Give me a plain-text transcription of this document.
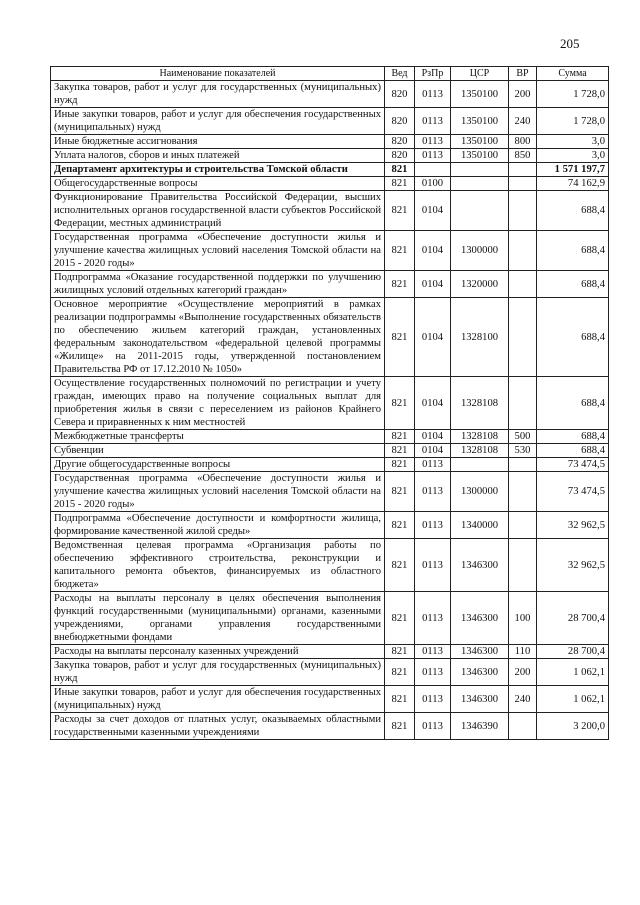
205
Наименование показателей	Вед	РзПр	ЦСР	ВР	Сумма
Закупка товаров, работ и услуг для государственных (муниципальных) нужд	820	0113	1350100	200	1 728,0
Иные закупки товаров, работ и услуг для обеспечения государственных (муниципальных) нужд	820	0113	1350100	240	1 728,0
Иные бюджетные ассигнования	820	0113	1350100	800	3,0
Уплата налогов, сборов и иных платежей	820	0113	1350100	850	3,0
Департамент архитектуры и строительства Томской области	821				1 571 197,7
Общегосударственные вопросы	821	0100			74 162,9
Функционирование Правительства Российской Федерации, высших исполнительных органов государственной власти субъектов Российской Федерации, местных администраций	821	0104			688,4
Государственная программа «Обеспечение доступности жилья и улучшение качества жилищных условий населения Томской области на 2015 - 2020 годы»	821	0104	1300000		688,4
Подпрограмма «Оказание государственной поддержки по улучшению жилищных условий отдельных категорий граждан»	821	0104	1320000		688,4
Основное мероприятие «Осуществление мероприятий в рамках реализации подпрограммы «Выполнение государственных обязательств по обеспечению жильем категорий граждан, установленных федеральным законодательством «федеральной целевой программы «Жилище» на 2011-2015 годы, утвержденной постановлением Правительства РФ от 17.12.2010 № 1050»	821	0104	1328100		688,4
Осуществление государственных полномочий по регистрации и учету граждан, имеющих право на получение социальных выплат для приобретения жилья в связи с переселением из районов Крайнего Севера и приравненных к ним местностей	821	0104	1328108		688,4
Межбюджетные трансферты	821	0104	1328108	500	688,4
Субвенции	821	0104	1328108	530	688,4
Другие общегосударственные вопросы	821	0113			73 474,5
Государственная программа «Обеспечение доступности жилья и улучшение качества жилищных условий населения Томской области на 2015 - 2020 годы»	821	0113	1300000		73 474,5
Подпрограмма «Обеспечение доступности и комфортности жилища, формирование качественной жилой среды»	821	0113	1340000		32 962,5
Ведомственная целевая программа «Организация работы по обеспечению эффективного строительства, реконструкции и капитального ремонта объектов, финансируемых из областного бюджета»	821	0113	1346300		32 962,5
Расходы на выплаты персоналу в целях обеспечения выполнения функций государственными (муниципальными) органами, казенными учреждениями, органами управления государственными внебюджетными фондами	821	0113	1346300	100	28 700,4
Расходы на выплаты персоналу казенных учреждений	821	0113	1346300	110	28 700,4
Закупка товаров, работ и услуг для государственных (муниципальных) нужд	821	0113	1346300	200	1 062,1
Иные закупки товаров, работ и услуг для обеспечения государственных (муниципальных) нужд	821	0113	1346300	240	1 062,1
Расходы за счет доходов от платных услуг, оказываемых областными государственными казенными учреждениями	821	0113	1346390		3 200,0
